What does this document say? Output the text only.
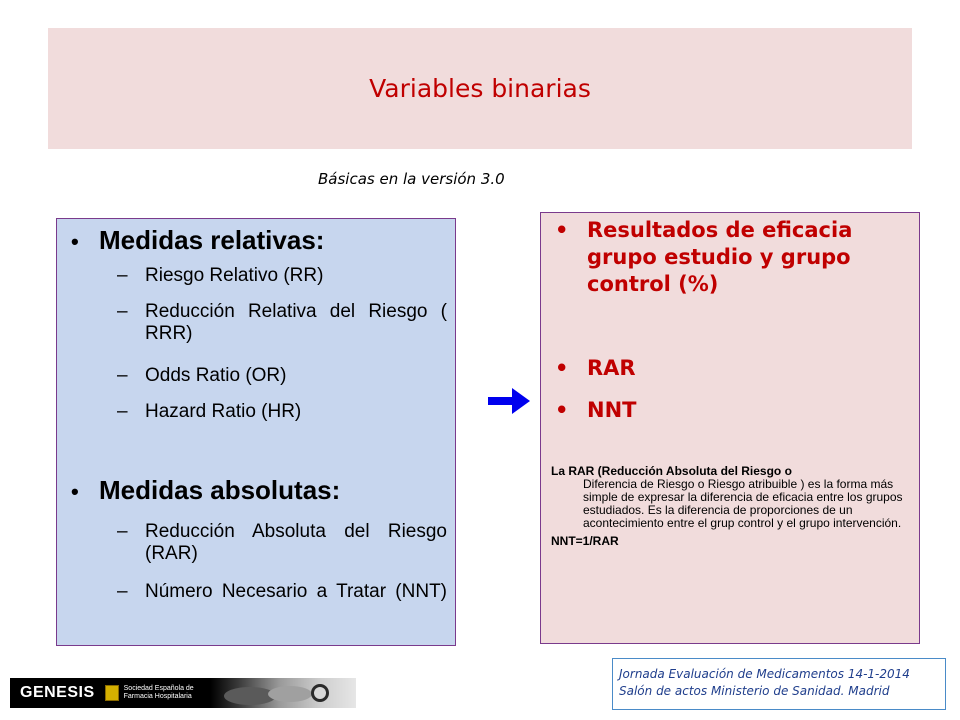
Variables binarias
Básicas en la versión 3.0
• Medidas relativas:
– Riesgo Relativo (RR)
– Reducción Relativa del Riesgo ( RRR)
– Odds Ratio (OR)
– Hazard Ratio (HR)
• Medidas absolutas:
– Reducción Absoluta del Riesgo (RAR)
– Número Necesario a Tratar (NNT)
• Resultados de eficacia grupo estudio y grupo control (%)
• RAR
• NNT
La RAR (Reducción Absoluta del Riesgo o
Diferencia de Riesgo o Riesgo atribuible ) es la forma más simple de expresar la diferencia de eficacia entre los grupos estudiados. Es la diferencia de proporciones de un acontecimiento entre el grup control y el grupo intervención.
NNT=1/RAR
GENESIS	Sociedad Española de Farmacia Hospitalaria
Jornada Evaluación de Medicamentos 14-1-2014
Salón de actos Ministerio de Sanidad. Madrid
